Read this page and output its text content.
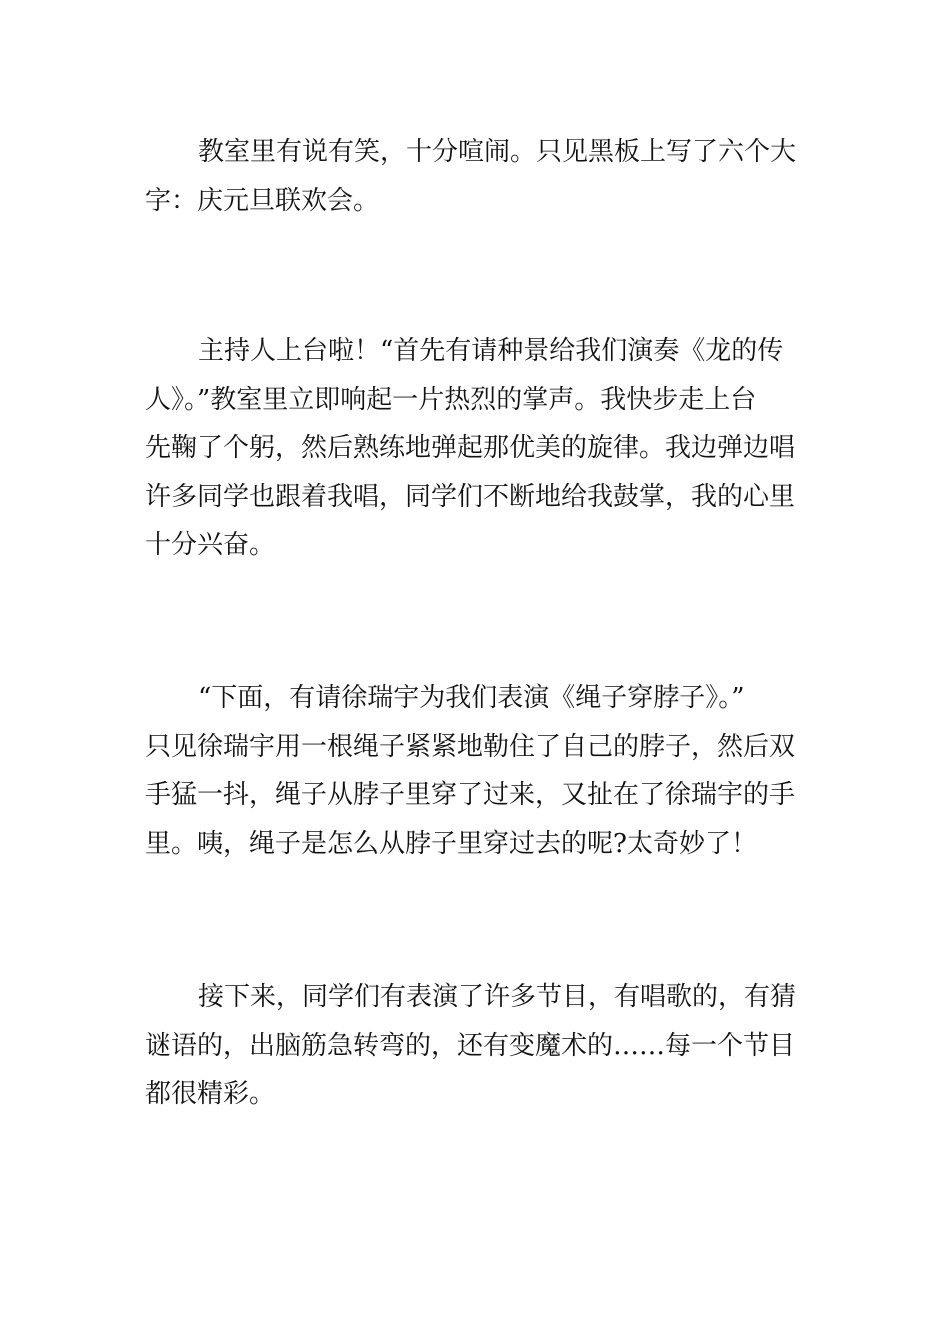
教室里有说有笑，十分喧闹。只见黑板上写了六个大
字：庆元旦联欢会。

主持人上台啦！“首先有请种景给我们演奏《龙的传
人》。”教室里立即响起一片热烈的掌声。我快步走上台
先鞠了个躬，然后熟练地弹起那优美的旋律。我边弹边唱
许多同学也跟着我唱，同学们不断地给我鼓掌，我的心里
十分兴奋。

“下面，有请徐瑞宇为我们表演《绳子穿脖子》。”
只见徐瑞宇用一根绳子紧紧地勒住了自己的脖子，然后双
手猛一抖，绳子从脖子里穿了过来，又扯在了徐瑞宇的手
里。咦，绳子是怎么从脖子里穿过去的呢?太奇妙了！

接下来，同学们有表演了许多节目，有唱歌的，有猜
谜语的，出脑筋急转弯的，还有变魔术的……每一个节目
都很精彩。
